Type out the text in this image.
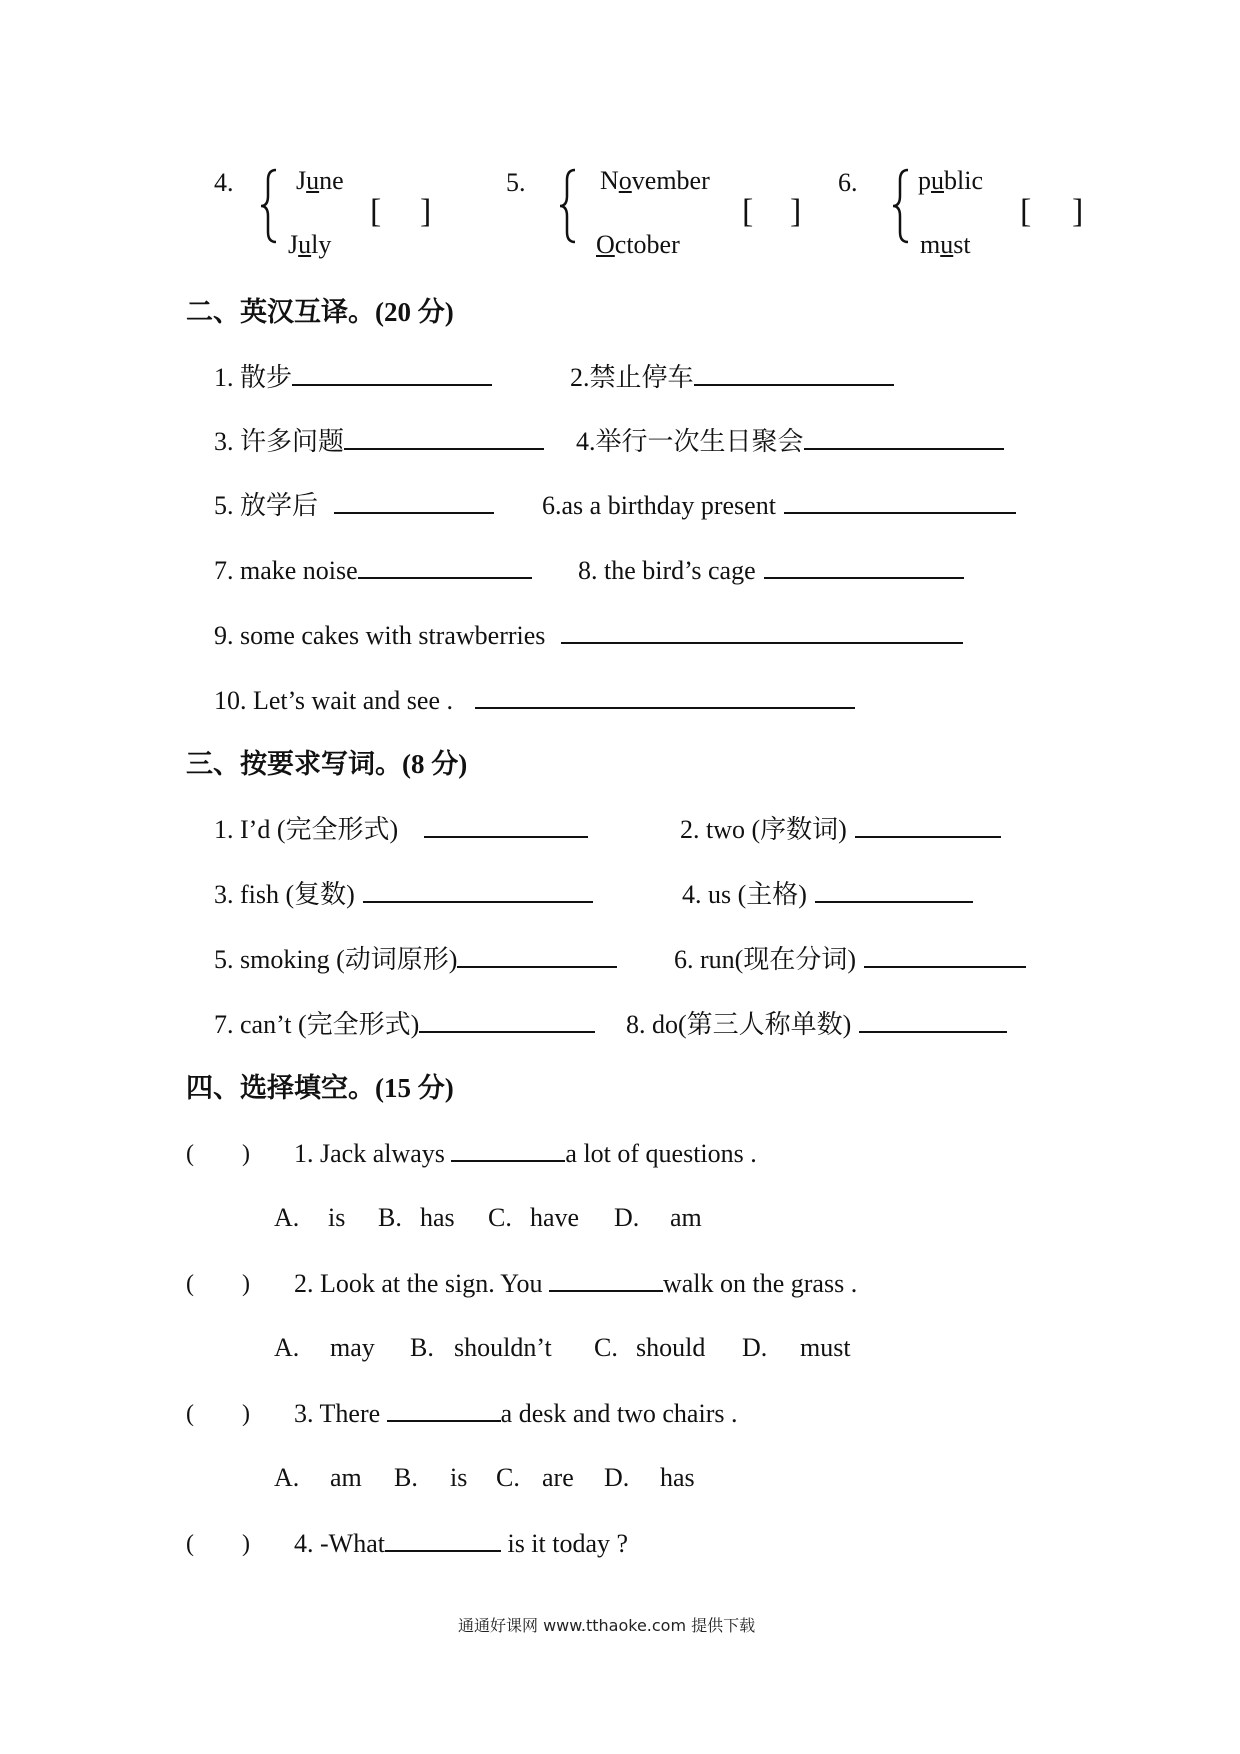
4. June
July
[ ]
5.	November
October
[ ]
6. public
must
[ ]
二、英汉互译。(20 分)
1. 散步	2.禁止停车
3. 许多问题	4.举行一次生日聚会
5. 放学后	6.as a birthday present
7. make noise	8. the bird’s cage
9. some cakes with strawberries
10. Let’s wait and see .
三、按要求写词。(8 分)
1. I’d (完全形式)	2. two (序数词)
3. fish (复数)	4. us (主格)
5. smoking (动词原形)	6. run(现在分词)
7. can’t (完全形式)	8. do(第三人称单数)
四、选择填空。(15 分)
( ) 1. Jack always	a lot of questions .
A. is B. has C. have D. am
( ) 2. Look at the sign. You	walk on the grass .
A. may B. shouldn’t C. should D. must
( ) 3. There	a desk and two chairs .
A. am B. is C. are D. has
( ) 4. -What	is it today ?
通通好课网 www.tthaoke.com 提供下载
